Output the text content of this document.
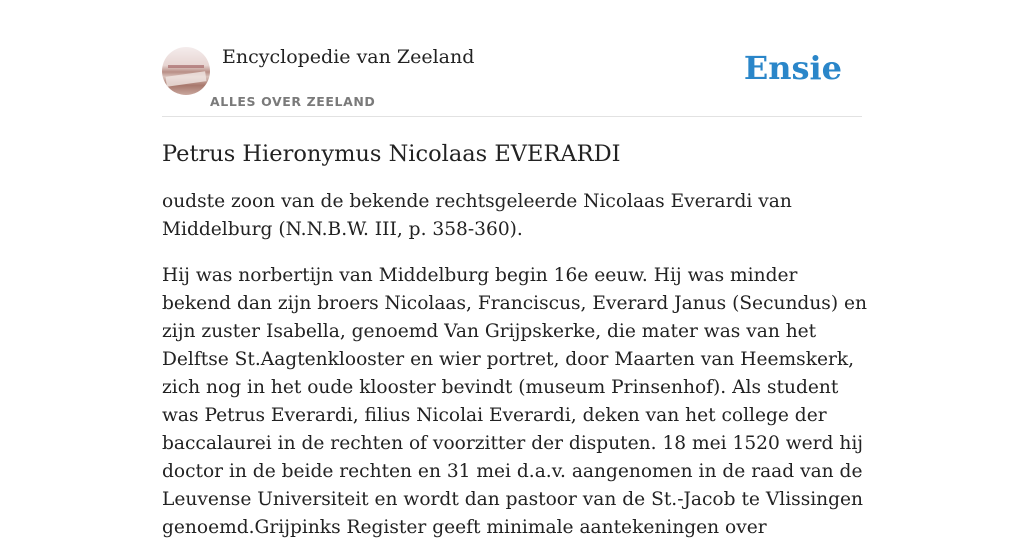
Encyclopedie van Zeeland
ALLES OVER ZEELAND
Ensie
Petrus Hieronymus Nicolaas EVERARDI

oudste zoon van de bekende rechtsgeleerde Nicolaas Everardi van Middelburg (N.N.B.W. III, p. 358-360).

Hij was norbertijn van Middelburg begin 16e eeuw. Hij was minder bekend dan zijn broers Nicolaas, Franciscus, Everard Janus (Secundus) en zijn zuster Isabella, genoemd Van Grijpskerke, die mater was van het Delftse St.Aagtenklooster en wier portret, door Maarten van Heemskerk, zich nog in het oude klooster bevindt (museum Prinsenhof). Als student was Petrus Everardi, filius Nicolai Everardi, deken van het college der baccalaurei in de rechten of voorzitter der disputen. 18 mei 1520 werd hij doctor in de beide rechten en 31 mei d.a.v. aangenomen in de raad van de Leuvense Universiteit en wordt dan pastoor van de St.-Jacob te Vlissingen genoemd.Grijpinks Register geeft minimale aantekeningen over
